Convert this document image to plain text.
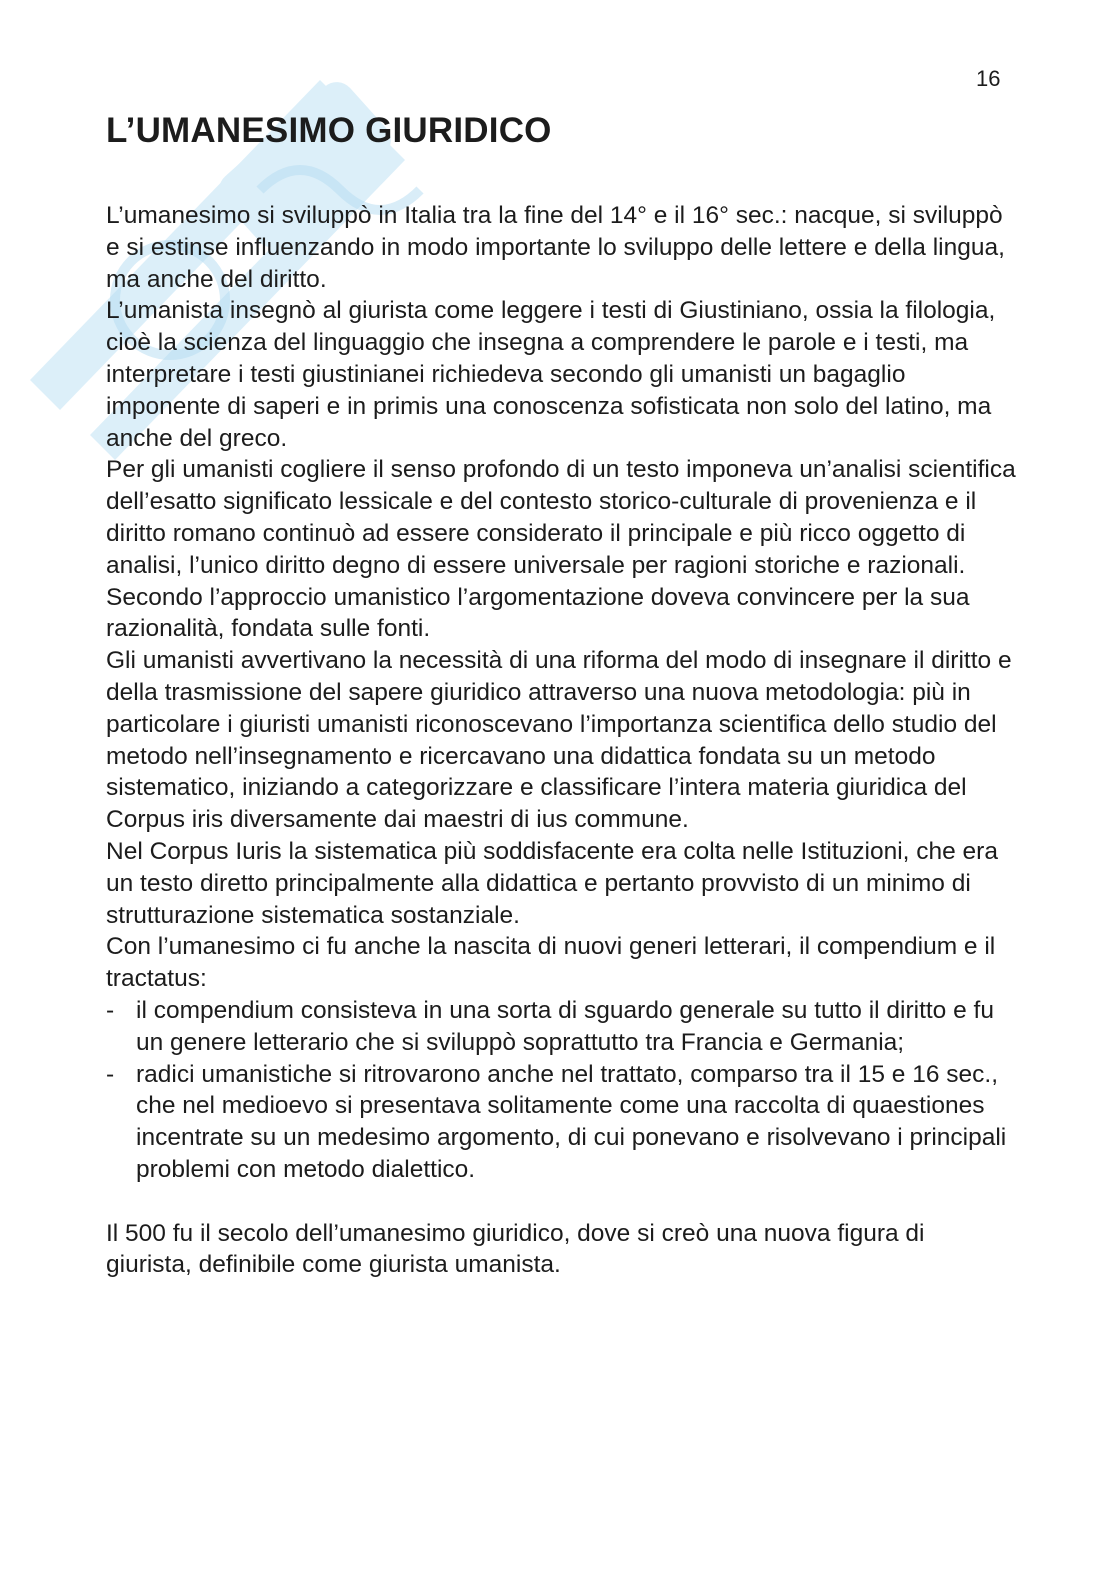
16
L’UMANESIMO GIURIDICO

L’umanesimo si sviluppò in Italia tra la fine del 14° e il 16° sec.: nacque, si sviluppò e si estinse influenzando in modo importante lo sviluppo delle lettere e della lingua, ma anche del diritto.

L’umanista insegnò al giurista come leggere i testi di Giustiniano, ossia la filologia, cioè la scienza del linguaggio che insegna a comprendere le parole e i testi, ma interpretare i testi giustinianei richiedeva secondo gli umanisti un bagaglio imponente di saperi e in primis una conoscenza sofisticata non solo del latino, ma anche del greco.

Per gli umanisti cogliere il senso profondo di un testo imponeva un’analisi scientifica dell’esatto significato lessicale e del contesto storico-culturale di provenienza e il diritto romano continuò ad essere considerato il principale e più ricco oggetto di analisi, l’unico diritto degno di essere universale per ragioni storiche e razionali.

Secondo l’approccio umanistico l’argomentazione doveva convincere per la sua razionalità, fondata sulle fonti.

Gli umanisti avvertivano la necessità di una riforma del modo di insegnare il diritto e della trasmissione del sapere giuridico attraverso una nuova metodologia: più in particolare i giuristi umanisti riconoscevano l’importanza scientifica dello studio del metodo nell’insegnamento e ricercavano una didattica fondata su un metodo sistematico, iniziando a categorizzare e classificare l’intera materia giuridica del Corpus iris diversamente dai maestri di ius commune.

Nel Corpus Iuris la sistematica più soddisfacente era colta nelle Istituzioni, che era un testo diretto principalmente alla didattica e pertanto provvisto di un minimo di strutturazione sistematica sostanziale.

Con l’umanesimo ci fu anche la nascita di nuovi generi letterari, il compendium e il tractatus:

- il compendium consisteva in una sorta di sguardo generale su tutto il diritto e fu un genere letterario che si sviluppò soprattutto tra Francia e Germania;
- radici umanistiche si ritrovarono anche nel trattato, comparso tra il 15 e 16 sec., che nel medioevo si presentava solitamente come una raccolta di quaestiones incentrate su un medesimo argomento, di cui ponevano e risolvevano i principali problemi con metodo dialettico.

Il 500 fu il secolo dell’umanesimo giuridico, dove si creò una nuova figura di giurista, definibile come giurista umanista.
